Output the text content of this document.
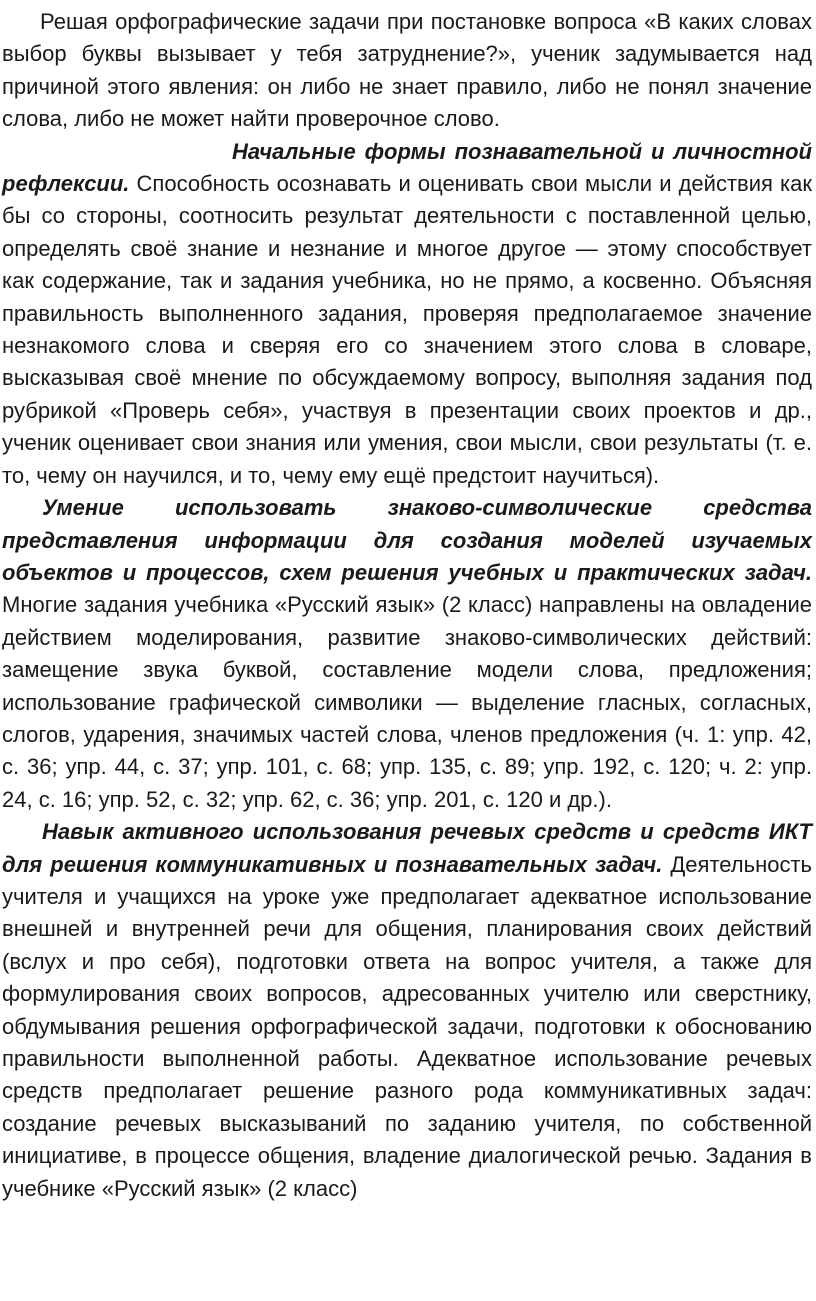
Решая орфографические задачи при постановке вопроса «В каких словах выбор буквы вызывает у тебя затруднение?», ученик задумывается над причиной этого явления: он либо не знает правило, либо не понял значение слова, либо не может найти проверочное слово.

Начальные формы познавательной и личностной рефлексии. Способность осознавать и оценивать свои мысли и действия как бы со стороны, соотносить результат деятельности с поставленной целью, определять своё знание и незнание и многое другое — этому способствует как содержание, так и задания учебника, но не прямо, а косвенно. Объясняя правильность выполненного задания, проверяя предполагаемое значение незнакомого слова и сверяя его со значением этого слова в словаре, высказывая своё мнение по обсуждаемому вопросу, выполняя задания под рубрикой «Проверь себя», участвуя в презентации своих проектов и др., ученик оценивает свои знания или умения, свои мысли, свои результаты (т. е. то, чему он научился, и то, чему ему ещё предстоит научиться).

Умение использовать знаково-символические средства представления информации для создания моделей изучаемых объектов и процессов, схем решения учебных и практических задач. Многие задания учебника «Русский язык» (2 класс) направлены на овладение действием моделирования, развитие знаково-символических действий: замещение звука буквой, составление модели слова, предложения; использование графической символики — выделение гласных, согласных, слогов, ударения, значимых частей слова, членов предложения (ч. 1: упр. 42, с. 36; упр. 44, с. 37; упр. 101, с. 68; упр. 135, с. 89; упр. 192, с. 120; ч. 2: упр. 24, с. 16; упр. 52, с. 32; упр. 62, с. 36; упр. 201, с. 120 и др.).

Навык активного использования речевых средств и средств ИКТ для решения коммуникативных и познавательных задач. Деятельность учителя и учащихся на уроке уже предполагает адекватное использование внешней и внутренней речи для общения, планирования своих действий (вслух и про себя), подготовки ответа на вопрос учителя, а также для формулирования своих вопросов, адресованных учителю или сверстнику, обдумывания решения орфографической задачи, подготовки к обоснованию правильности выполненной работы. Адекватное использование речевых средств предполагает решение разного рода коммуникативных задач: создание речевых высказываний по заданию учителя, по собственной инициативе, в процессе общения, владение диалогической речью. Задания в учебнике «Русский язык» (2 класс)
